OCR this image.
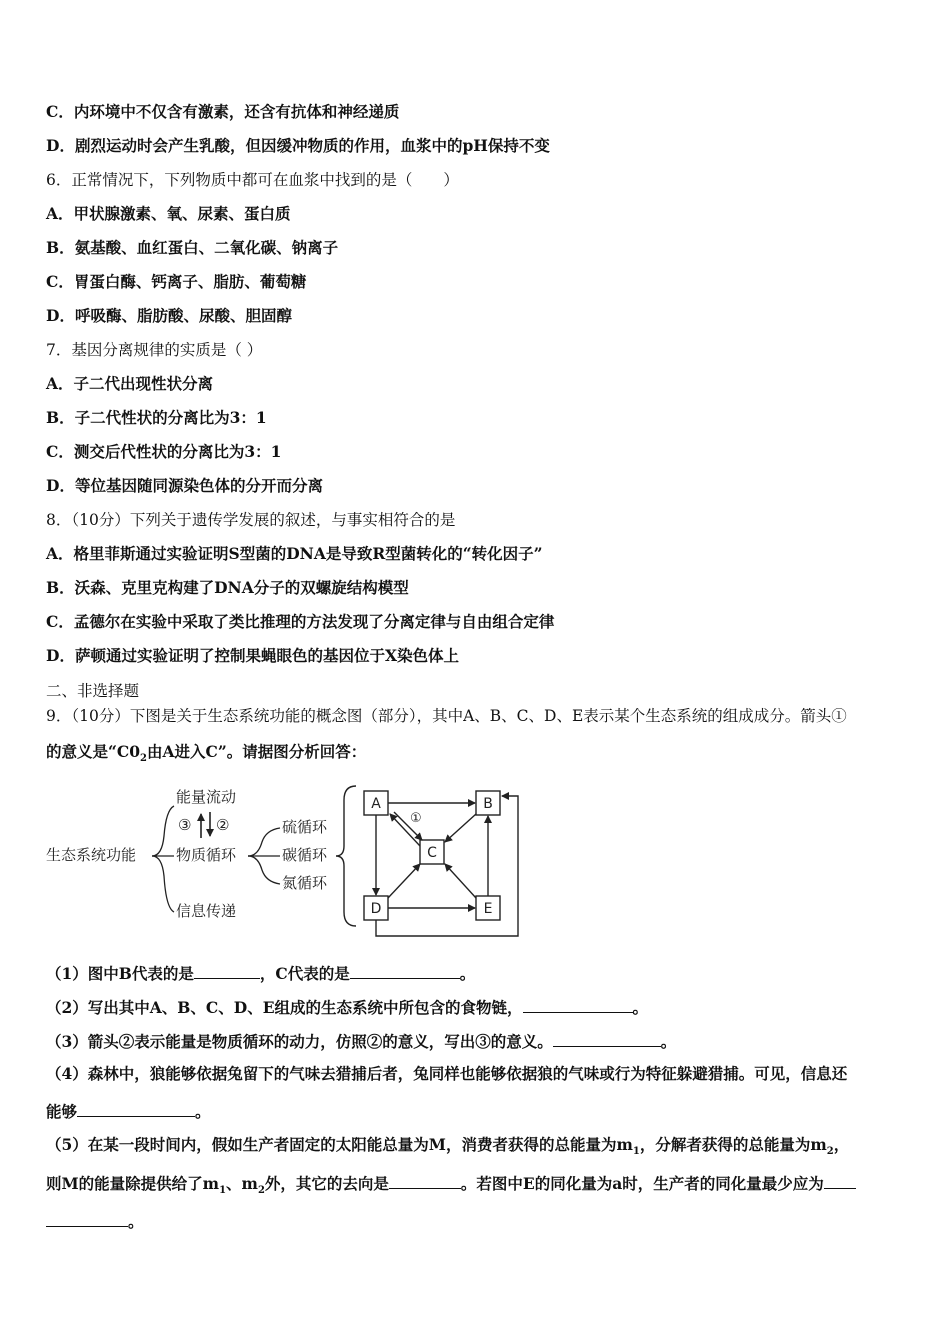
C．内环境中不仅含有激素，还含有抗体和神经递质
D．剧烈运动时会产生乳酸，但因缓冲物质的作用，血浆中的pH保持不变
6．正常情况下，下列物质中都可在血浆中找到的是（　　）
A．甲状腺激素、氧、尿素、蛋白质
B．氨基酸、血红蛋白、二氧化碳、钠离子
C．胃蛋白酶、钙离子、脂肪、葡萄糖
D．呼吸酶、脂肪酸、尿酸、胆固醇
7．基因分离规律的实质是（ ）
A．子二代出现性状分离
B．子二代性状的分离比为3：1
C．测交后代性状的分离比为3：1
D．等位基因随同源染色体的分开而分离
8．（10分）下列关于遗传学发展的叙述，与事实相符合的是
A．格里菲斯通过实验证明S型菌的DNA是导致R型菌转化的“转化因子”
B．沃森、克里克构建了DNA分子的双螺旋结构模型
C．孟德尔在实验中采取了类比推理的方法发现了分离定律与自由组合定律
D．萨顿通过实验证明了控制果蝇眼色的基因位于X染色体上
二、非选择题
9．（10分）下图是关于生态系统功能的概念图（部分），其中A、B、C、D、E表示某个生态系统的组成成分。箭头①
的意义是“$C0_2$由A进入C”。请据图分析回答：
生态系统功能
能量流动
③ ②
物质循环
信息传递
硫循环
碳循环
氮循环
A	B
C
D	E
①
（1）图中B代表的是	，C代表的是	。
（2）写出其中A、B、C、D、E组成的生态系统中所包含的食物链，	。
（3）箭头②表示能量是物质循环的动力，仿照②的意义，写出③的意义。	。
（4）森林中，狼能够依据兔留下的气味去猎捕后者，兔同样也能够依据狼的气味或行为特征躲避猎捕。可见，信息还
能够	。
（5）在某一段时间内，假如生产者固定的太阳能总量为M，消费者获得的总能量为$m_1$，分解者获得的总能量为$m_2$，
则M的能量除提供给了$m_1$、$m_2$外，其它的去向是	。若图中E的同化量为a时，生产者的同化量最少应为
。
